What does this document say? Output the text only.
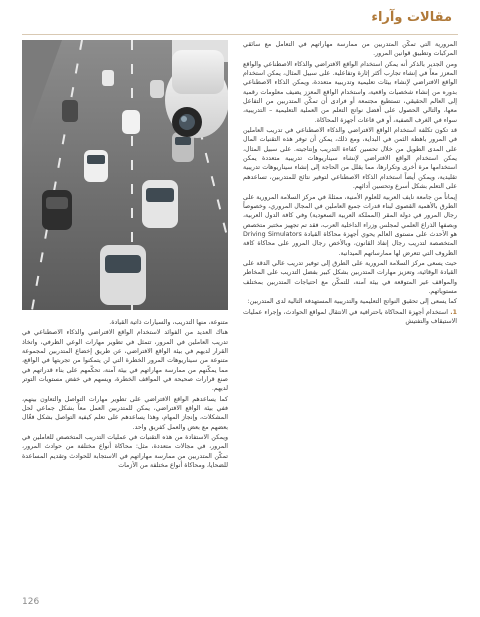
مقالات وآراء

المرورية التي تمكّن المتدربين من ممارسة مهاراتهم في التعامل مع سائقي المركبات وتطبيق قوانين المرور.

ومن الجدير بالذكر أنه يمكن استخدام الواقع الافتراضي والذكاء الاصطناعي والواقع المعزز معاً في إنشاء تجارب أكثر إثارة وتفاعلية. على سبيل المثال، يمكن استخدام الواقع الافتراضي لإنشاء بيئات تعليمية وتدريبية متعددة، ويمكن الذكاء الاصطناعي بدوره من إنشاء شخصيات واقعية، واستخدام الواقع المعزز يضيف معلومات رقمية إلى العالم الحقيقي، تستطيع مجتمعة أو فرادى أن تمكّن المتدربين من التفاعل معها، والتالي الحصول على أفضل نواتج التعلم من العملية التعليمية – التدريبية، سواء في الغرف الصفية، أو في قاعات أجهزة المحاكاة.

قد تكون تكلفة استخدام الواقع الافتراضي والذكاء الاصطناعي في تدريب العاملين في المرور باهظة الثمن في البداية، ومع ذلك، يمكن أن توفر هذه التقنيات المال على المدى الطويل من خلال تحسين كفاءة التدريب وإنتاجيته. على سبيل المثال، يمكن استخدام الواقع الافتراضي لإنشاء سيناريوهات تدريبية متعددة يمكن استخدامها مرة أخرى وتكرارها، مما يقلل من الحاجة إلى إنشاء سيناريوهات تدريبية تقليدية، ويمكن أيضاً استخدام الذكاء الاصطناعي لتوفير نتائج للمتدربين، تساعدهم على التعلم بشكل أسرع وتحسين أدائهم.

إيماناً من جامعة نايف العربية للعلوم الأمنية، ممثلةً في مركز السلامة المرورية على الطرق بالأهمية القصوى لبناء قدرات جميع العاملين في المجال المروري، وخصوصاً رجال المرور في دولة المقر (المملكة العربية السعودية) وفي كافة الدول العربية، وبصفها الذراع العلمي لمجلس وزراء الداخلية العرب، فقد تم تجهيز مختبر متخصص هو الأحدث على مستوى العالم يحوي أجهزة محاكاة القيادة Driving Simulators المتخصصة لتدريب رجال إنفاذ القانون، وبالأخص رجال المرور على محاكاة كافة الظروف التي تتعرض لها ممارساتهم الميدانية.

حيث يسعى مركز السلامة المرورية على الطرق إلى توفير تدريب عالي الدقة على القيادة الوقائية، وتعزيز مهارات المتدربين بشكل كبير بفضل التدريب على المخاطر والمواقف غير المتوقعة في بيئة آمنة، للتمكّن مع احتياجات المتدربين بمختلف مستوياتهم.

كما يسعى إلى تحقيق النواتج التعليمية والتدريبية المستهدفة التالية لدى المتدربين:

1. استخدام أجهزة المحاكاة باحترافية في الانتقال لمواقع الحوادث، وإجراء عمليات الاستيقاف والتفتيش

متنوعة، منها التدريب، والسيارات ذاتية القيادة.

هناك العديد من الفوائد لاستخدام الواقع الافتراضي والذكاء الاصطناعي في تدريب العاملين في المرور، تتمثل في تطوير مهارات الوعي الظرفي، واتخاذ القرار لديهم في بيئة الواقع الافتراضي، عن طريق إخضاع المتدربين لمجموعة متنوعة من سيناريوهات المرور الخطرة التي لن يتمكنوا من تجربتها في الواقع، مما يمكّنهم من ممارسة مهاراتهم في بيئة آمنة، تحكّمهم على بناء قدراتهم في صنع قرارات صحيحة في المواقف الخطرة، ويسهم في خفض مستويات التوتر لديهم.

كما يساعدهم الواقع الافتراضي على تطوير مهارات التواصل والتعاون بينهم، ففي بيئة الواقع الافتراضي، يمكن للمتدربين العمل معاً بشكل جماعي لحل المشكلات، وإنجاز المهام، وهذا يساعدهم على تعلم كيفية التواصل بشكل فعّال بعضهم مع بعض والعمل كفريق واحد.

ويمكن الاستفادة من هذه التقنيات في عمليات التدريب المتخصص للعاملين في المرور، في مجالات متعددة، مثل: محاكاة أنواع مختلفة من حوادث المرور، تمكّن المتدربين من ممارسة مهاراتهم في الاستجابة للحوادث وتقديم المساعدة للضحايا، ومحاكاة أنواع مختلفة من الأزمات

126
